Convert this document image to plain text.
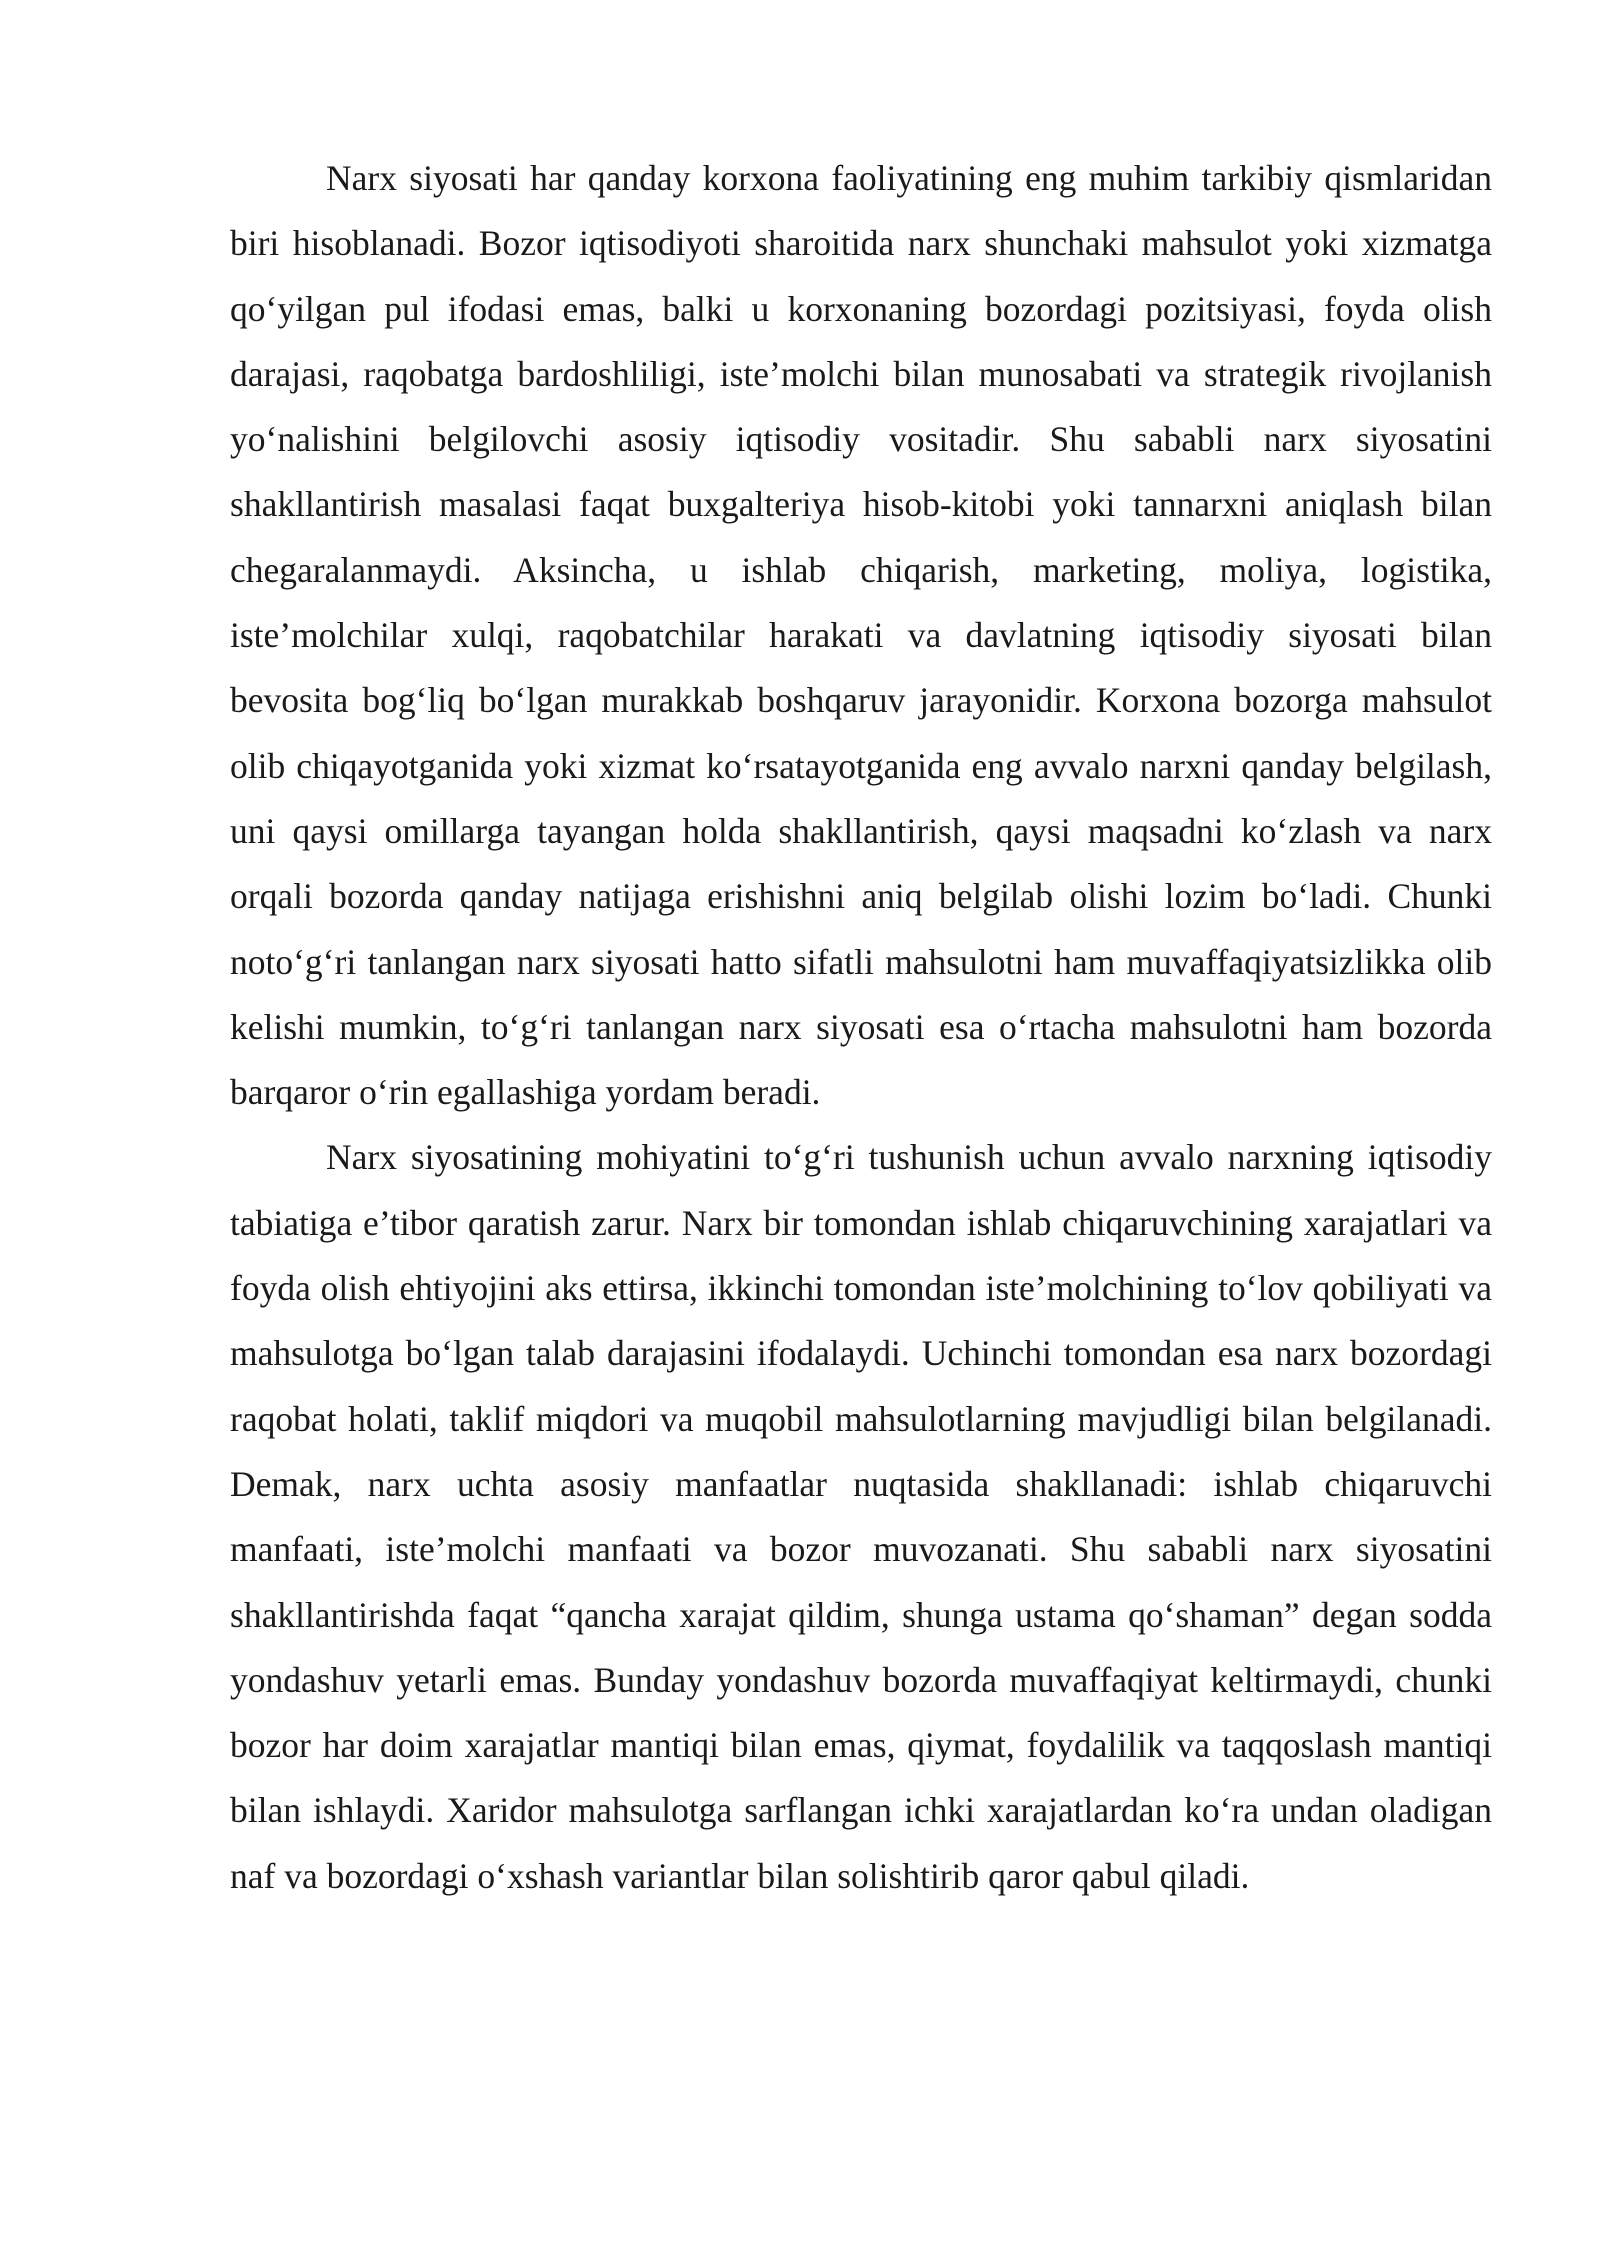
Narx siyosati har qanday korxona faoliyatining eng muhim tarkibiy qismlaridan biri hisoblanadi. Bozor iqtisodiyoti sharoitida narx shunchaki mahsulot yoki xizmatga qo‘yilgan pul ifodasi emas, balki u korxonaning bozordagi pozitsiyasi, foyda olish darajasi, raqobatga bardoshliligi, iste’molchi bilan munosabati va strategik rivojlanish yo‘nalishini belgilovchi asosiy iqtisodiy vositadir. Shu sababli narx siyosatini shakllantirish masalasi faqat buxgalteriya hisob-kitobi yoki tannarxni aniqlash bilan chegaralanmaydi. Aksincha, u ishlab chiqarish, marketing, moliya, logistika, iste’molchilar xulqi, raqobatchilar harakati va davlatning iqtisodiy siyosati bilan bevosita bog‘liq bo‘lgan murakkab boshqaruv jarayonidir. Korxona bozorga mahsulot olib chiqayotganida yoki xizmat ko‘rsatayotganida eng avvalo narxni qanday belgilash, uni qaysi omillarga tayangan holda shakllantirish, qaysi maqsadni ko‘zlash va narx orqali bozorda qanday natijaga erishishni aniq belgilab olishi lozim bo‘ladi. Chunki noto‘g‘ri tanlangan narx siyosati hatto sifatli mahsulotni ham muvaffaqiyatsizlikka olib kelishi mumkin, to‘g‘ri tanlangan narx siyosati esa o‘rtacha mahsulotni ham bozorda barqaror o‘rin egallashiga yordam beradi.

Narx siyosatining mohiyatini to‘g‘ri tushunish uchun avvalo narxning iqtisodiy tabiatiga e’tibor qaratish zarur. Narx bir tomondan ishlab chiqaruvchining xarajatlari va foyda olish ehtiyojini aks ettirsa, ikkinchi tomondan iste’molchining to‘lov qobiliyati va mahsulotga bo‘lgan talab darajasini ifodalaydi. Uchinchi tomondan esa narx bozordagi raqobat holati, taklif miqdori va muqobil mahsulotlarning mavjudligi bilan belgilanadi. Demak, narx uchta asosiy manfaatlar nuqtasida shakllanadi: ishlab chiqaruvchi manfaati, iste’molchi manfaati va bozor muvozanati. Shu sababli narx siyosatini shakllantirishda faqat “qancha xarajat qildim, shunga ustama qo‘shaman” degan sodda yondashuv yetarli emas. Bunday yondashuv bozorda muvaffaqiyat keltirmaydi, chunki bozor har doim xarajatlar mantiqi bilan emas, qiymat, foydalilik va taqqoslash mantiqi bilan ishlaydi. Xaridor mahsulotga sarflangan ichki xarajatlardan ko‘ra undan oladigan naf va bozordagi o‘xshash variantlar bilan solishtirib qaror qabul qiladi.
